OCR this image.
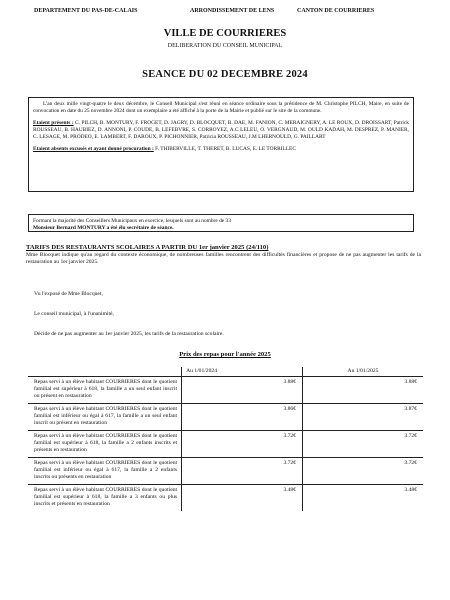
DEPARTEMENT DU PAS-DE-CALAIS	ARRONDISSEMENT DE LENS	CANTON DE COURRIERES
VILLE DE COURRIERES
DELIBERATION DU CONSEIL MUNICIPAL
SEANCE DU 02 DECEMBRE 2024
L'an deux mille vingt-quatre le deux décembre, le Conseil Municipal s'est réuni en séance ordinaire sous la présidence de M. Christophe PILCH, Maire, en suite de convocation en date du 25 novembre 2024 dont un exemplaire a été affiché à la porte de la Mairie et publié sur le site de la commune.
Etaient présents : C. PILCH, B. MONTURY, F. FROGET, D. JAGRY, D. BLOCQUET, B. DAE, M. FANION, C. MERAIGNERY, A. LE ROUX, D. DROISSART, Patrick ROUSSEAU, B. HAUBIEZ, D. ANNONI, P. COUDE, B. LEFEBVRE, S. CORROYEZ, A.C LELEU, O. VERGNAUD, M. OULD KADAH, M. DESPREZ, P. MANIER, C. LESAGE, M. PRODEO, E. LAMBERT, F. DAROUX, P. PICHONNIER, Patricia ROUSSEAU, J.M LHERNOULD, G. PAILLART
Etaient absents excusés et ayant donné procuration : F. THIBERVILLE, T. THERET, B. LUCAS, E. LE TORRILLEC
Formant la majorité des Conseillers Municipaux en exercice, lesquels sont au nombre de 33
Monsieur Bernard MONTURY a été élu secrétaire de séance.
TARIFS DES RESTAURANTS SCOLAIRES A PARTIR DU 1er janvier 2025 (24/110)
Mme Blocquet indique qu'au regard du contexte économique, de nombreuses familles rencontrent des difficultés financières et propose de ne pas augmenter les tarifs de la restauration au 1er janvier 2025.
Vu l'exposé de Mme Blocquet,
Le conseil municipal, à l'unanimité,
Décide de ne pas augmenter au 1er janvier 2025, les tarifs de la restauration scolaire.
Prix des repas pour l'année 2025
	Au 1/01/2024	Au 1/01/2025
Repas servi à un élève habitant COURRIERES dont le quotient familial est supérieur à 618, la famille a un seul enfant inscrit ou présent en restauration	3.88€	3.88€
Repas servi à un élève habitant COURRIERES dont le quotient familial est inférieur ou égal à 617, la famille a un seul enfant inscrit ou présent en restauration	3.86€	3.87€
Repas servi à un élève habitant COURRIERES dont le quotient familial est supérieur à 618, la famille a 2 enfants inscrits et présents en restauration	3.72€	3.72€
Repas servi à un élève habitant COURRIERES dont le quotient familial est inférieur ou égal à 617, la famille a 2 enfants inscrits ou présents en restauration	3.72€	3.72€
Repas servi à un élève habitant COURRIERES dont le quotient familial est supérieur à 618, la famille a 3 enfants ou plus inscrits et présents en restauration	3.48€	3.48€
